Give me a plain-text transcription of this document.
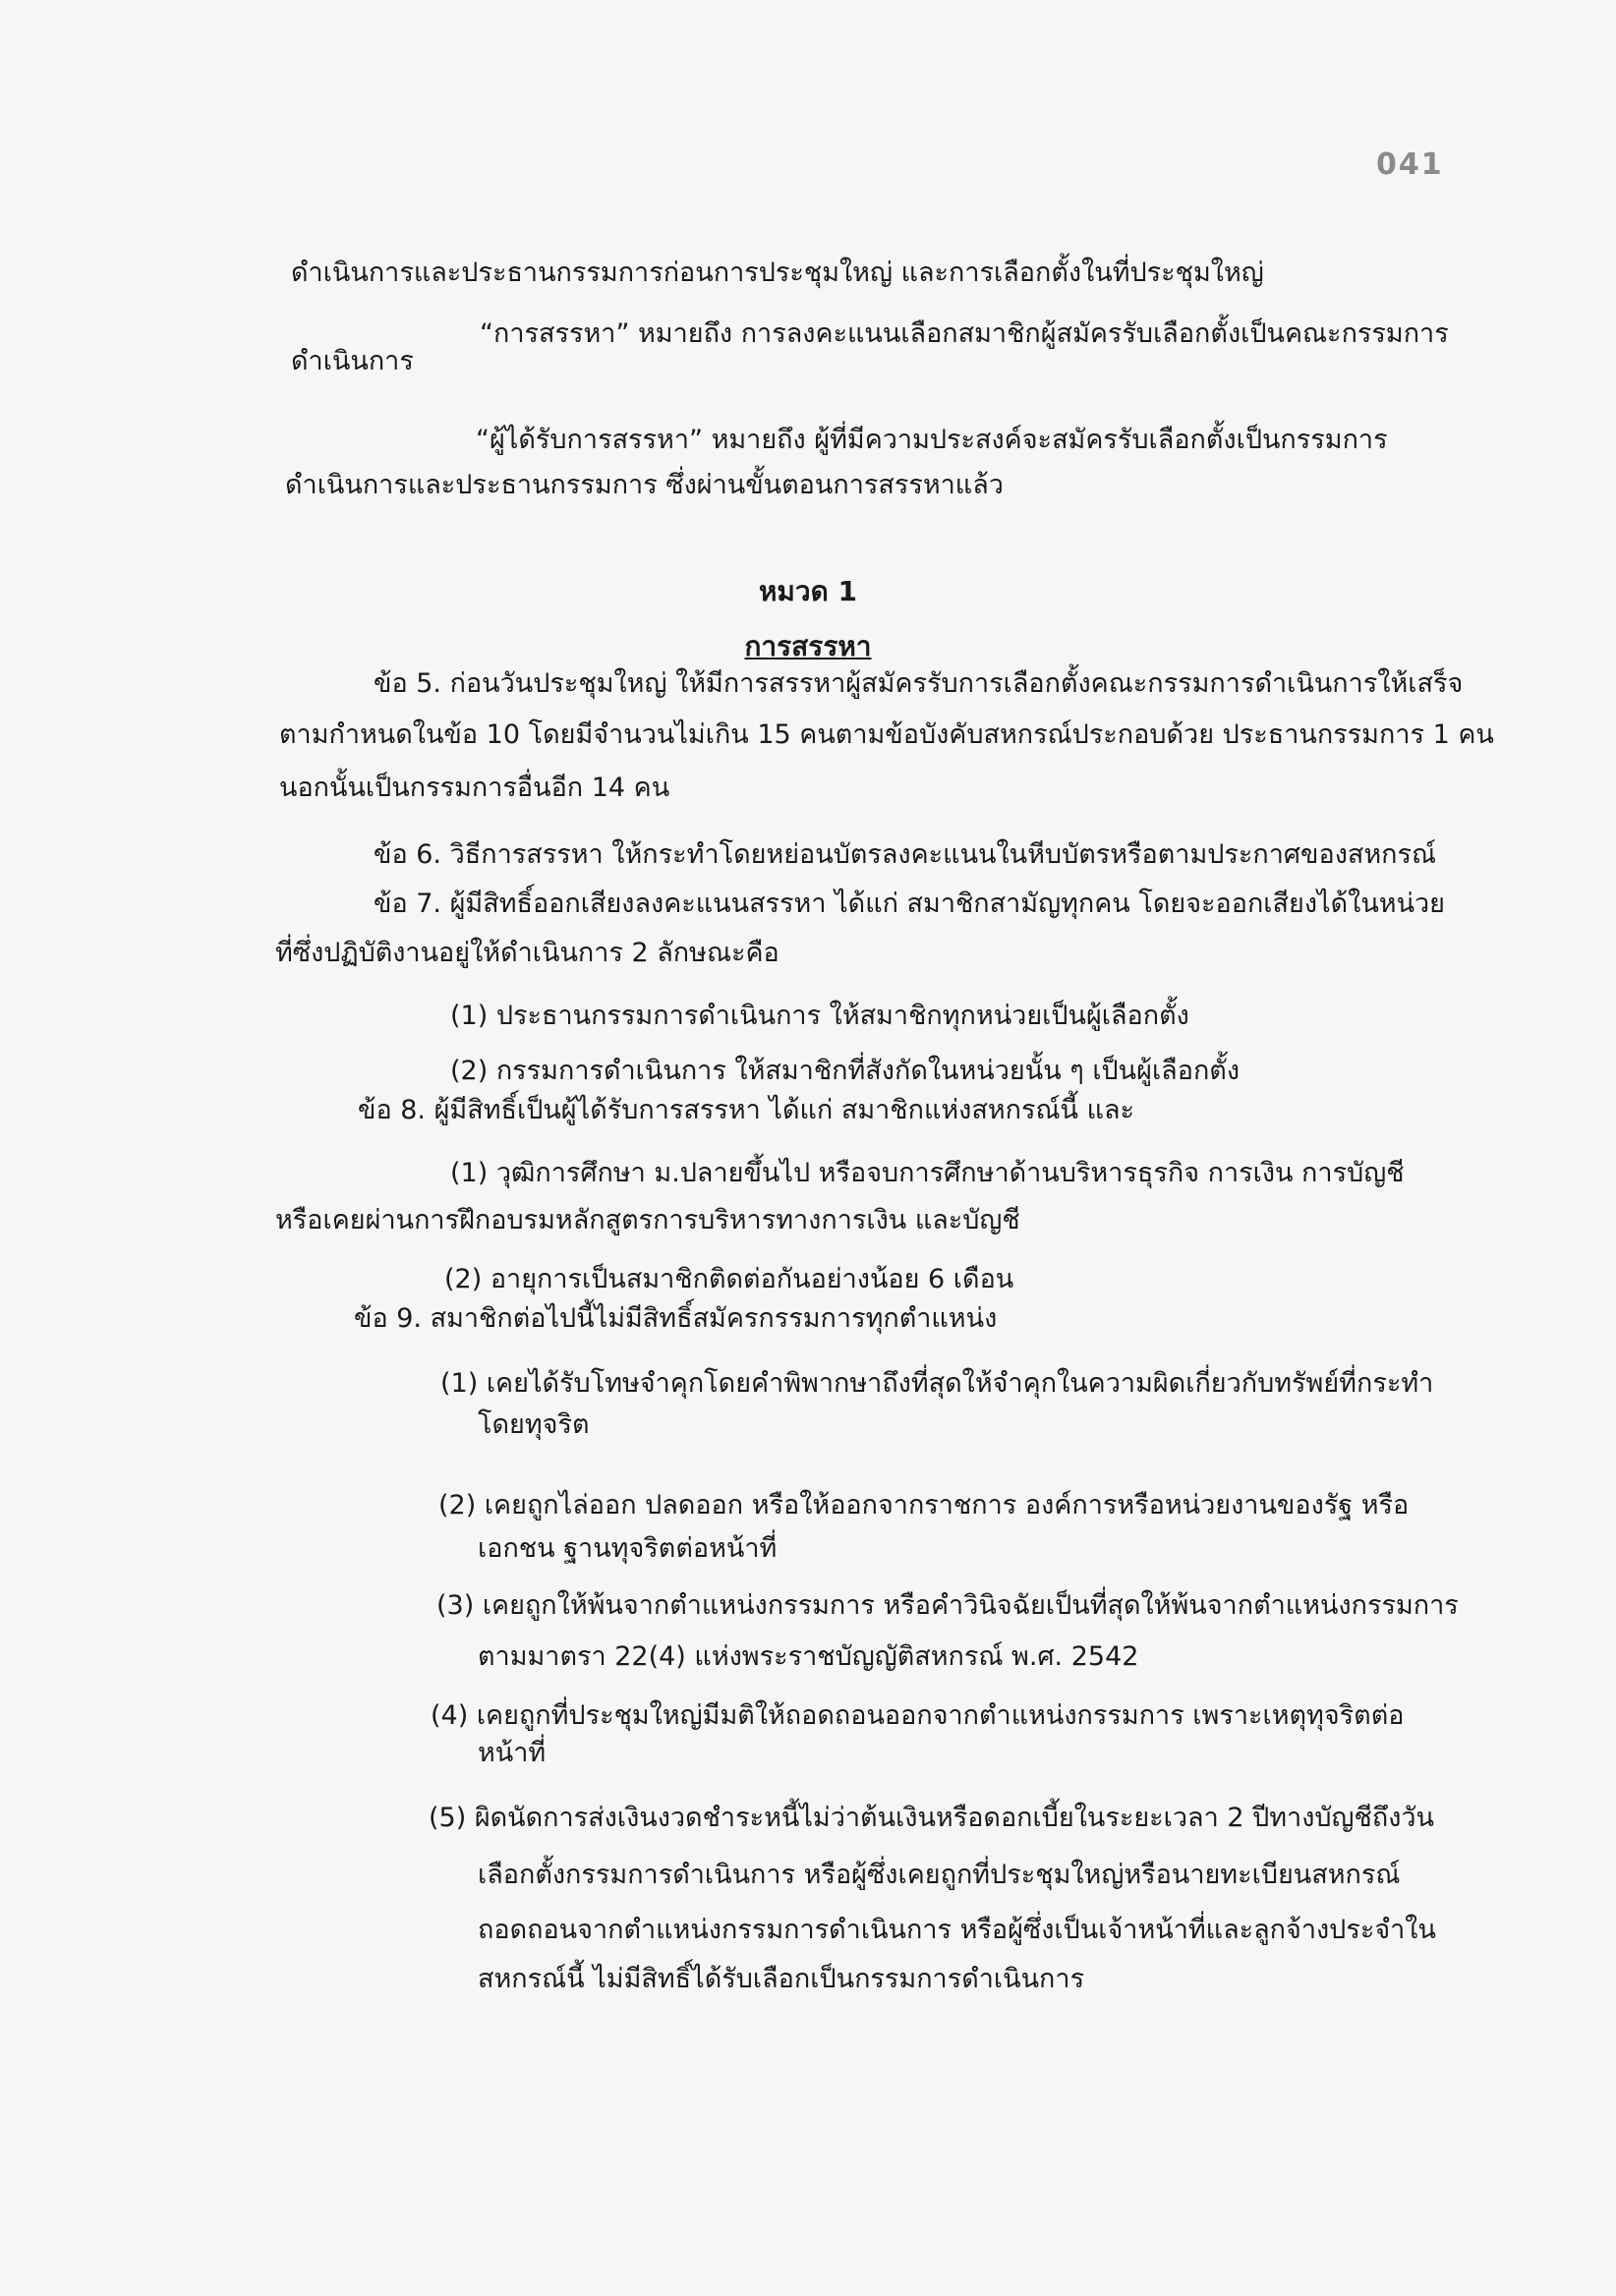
041
ดำเนินการและประธานกรรมการก่อนการประชุมใหญ่ และการเลือกตั้งในที่ประชุมใหญ่
“การสรรหา” หมายถึง การลงคะแนนเลือกสมาชิกผู้สมัครรับเลือกตั้งเป็นคณะกรรมการ
ดำเนินการ
“ผู้ได้รับการสรรหา” หมายถึง ผู้ที่มีความประสงค์จะสมัครรับเลือกตั้งเป็นกรรมการ
ดำเนินการและประธานกรรมการ ซึ่งผ่านขั้นตอนการสรรหาแล้ว
หมวด 1
การสรรหา
ข้อ 5. ก่อนวันประชุมใหญ่ ให้มีการสรรหาผู้สมัครรับการเลือกตั้งคณะกรรมการดำเนินการให้เสร็จ
ตามกำหนดในข้อ 10 โดยมีจำนวนไม่เกิน 15 คนตามข้อบังคับสหกรณ์ประกอบด้วย ประธานกรรมการ 1 คน
นอกนั้นเป็นกรรมการอื่นอีก 14 คน
ข้อ 6. วิธีการสรรหา ให้กระทำโดยหย่อนบัตรลงคะแนนในหีบบัตรหรือตามประกาศของสหกรณ์
ข้อ 7. ผู้มีสิทธิ์ออกเสียงลงคะแนนสรรหา ได้แก่ สมาชิกสามัญทุกคน โดยจะออกเสียงได้ในหน่วย
ที่ซึ่งปฏิบัติงานอยู่ให้ดำเนินการ 2 ลักษณะคือ
(1) ประธานกรรมการดำเนินการ ให้สมาชิกทุกหน่วยเป็นผู้เลือกตั้ง
(2) กรรมการดำเนินการ ให้สมาชิกที่สังกัดในหน่วยนั้น ๆ เป็นผู้เลือกตั้ง
ข้อ 8. ผู้มีสิทธิ์เป็นผู้ได้รับการสรรหา ได้แก่ สมาชิกแห่งสหกรณ์นี้ และ
(1) วุฒิการศึกษา ม.ปลายขึ้นไป หรือจบการศึกษาด้านบริหารธุรกิจ การเงิน การบัญชี
หรือเคยผ่านการฝึกอบรมหลักสูตรการบริหารทางการเงิน และบัญชี
(2) อายุการเป็นสมาชิกติดต่อกันอย่างน้อย 6 เดือน
ข้อ 9. สมาชิกต่อไปนี้ไม่มีสิทธิ์สมัครกรรมการทุกตำแหน่ง
(1) เคยได้รับโทษจำคุกโดยคำพิพากษาถึงที่สุดให้จำคุกในความผิดเกี่ยวกับทรัพย์ที่กระทำ
โดยทุจริต
(2) เคยถูกไล่ออก ปลดออก หรือให้ออกจากราชการ องค์การหรือหน่วยงานของรัฐ หรือ
เอกชน ฐานทุจริตต่อหน้าที่
(3) เคยถูกให้พ้นจากตำแหน่งกรรมการ หรือคำวินิจฉัยเป็นที่สุดให้พ้นจากตำแหน่งกรรมการ
ตามมาตรา 22(4) แห่งพระราชบัญญัติสหกรณ์ พ.ศ. 2542
(4) เคยถูกที่ประชุมใหญ่มีมติให้ถอดถอนออกจากตำแหน่งกรรมการ เพราะเหตุทุจริตต่อ
หน้าที่
(5) ผิดนัดการส่งเงินงวดชำระหนี้ไม่ว่าต้นเงินหรือดอกเบี้ยในระยะเวลา 2 ปีทางบัญชีถึงวัน
เลือกตั้งกรรมการดำเนินการ หรือผู้ซึ่งเคยถูกที่ประชุมใหญ่หรือนายทะเบียนสหกรณ์
ถอดถอนจากตำแหน่งกรรมการดำเนินการ หรือผู้ซึ่งเป็นเจ้าหน้าที่และลูกจ้างประจำใน
สหกรณ์นี้ ไม่มีสิทธิ์ได้รับเลือกเป็นกรรมการดำเนินการ
